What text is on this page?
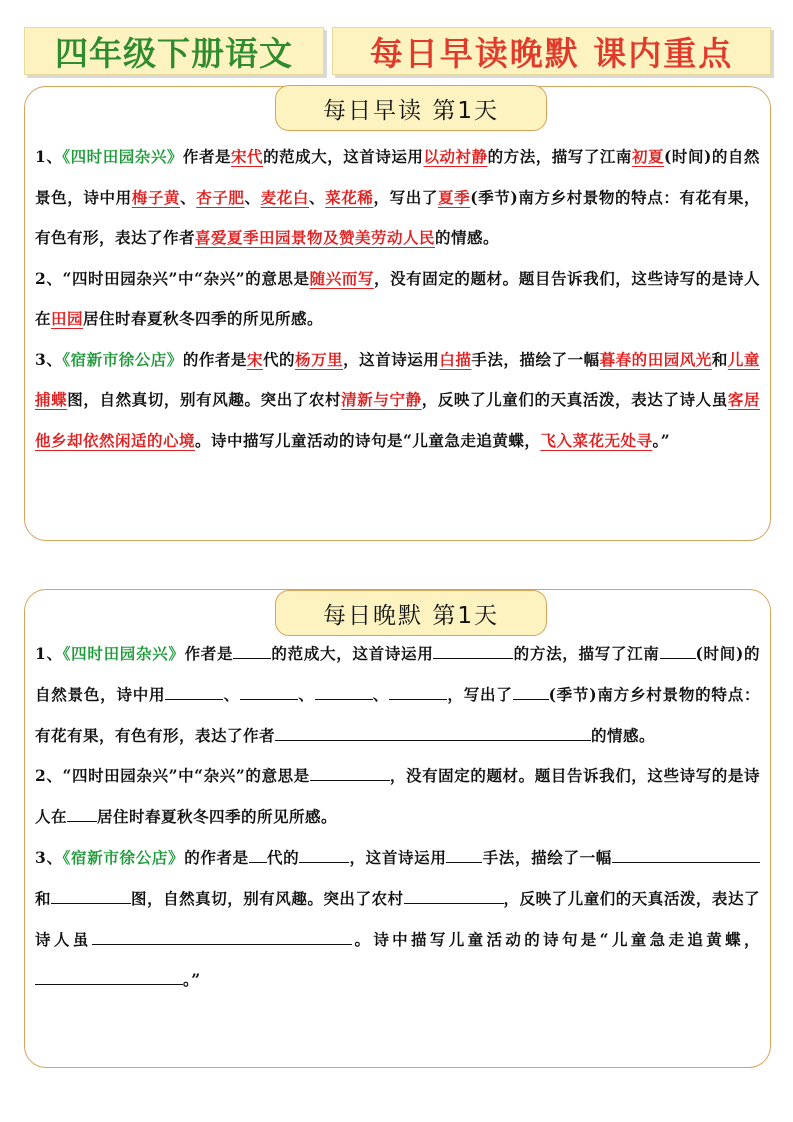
四年级下册语文	每日早读晚默 课内重点
每日早读 第1天

1、《四时田园杂兴》作者是宋代的范成大，这首诗运用以动衬静的方法，描写了江南初夏(时间)的自然景色，诗中用梅子黄、杏子肥、麦花白、菜花稀，写出了夏季(季节)南方乡村景物的特点：有花有果，有色有形，表达了作者喜爱夏季田园景物及赞美劳动人民的情感。

2、“四时田园杂兴”中“杂兴”的意思是随兴而写，没有固定的题材。题目告诉我们，这些诗写的是诗人在田园居住时春夏秋冬四季的所见所感。

3、《宿新市徐公店》的作者是宋代的杨万里，这首诗运用白描手法，描绘了一幅暮春的田园风光和儿童捕蝶图，自然真切，别有风趣。突出了农村清新与宁静，反映了儿童们的天真活泼，表达了诗人虽客居他乡却依然闲适的心境。诗中描写儿童活动的诗句是“儿童急走追黄蝶，飞入菜花无处寻。”

每日晚默 第1天

1、《四时田园杂兴》作者是 的范成大，这首诗运用	的方法，描写了江南 (时间)的自然景色，诗中用	、	、	、	，写出了 (季节)南方乡村景物的特点：有花有果，有色有形，表达了作者	的情感。

2、“四时田园杂兴”中“杂兴”的意思是	，没有固定的题材。题目告诉我们，这些诗写的是诗人在 居住时春夏秋冬四季的所见所感。

3、《宿新市徐公店》的作者是 代的	，这首诗运用 手法，描绘了一幅和	图，自然真切，别有风趣。突出了农村	，反映了儿童们的天真活泼，表达了诗人虽	。诗中描写儿童活动的诗句是“儿童急走追黄蝶，。”
